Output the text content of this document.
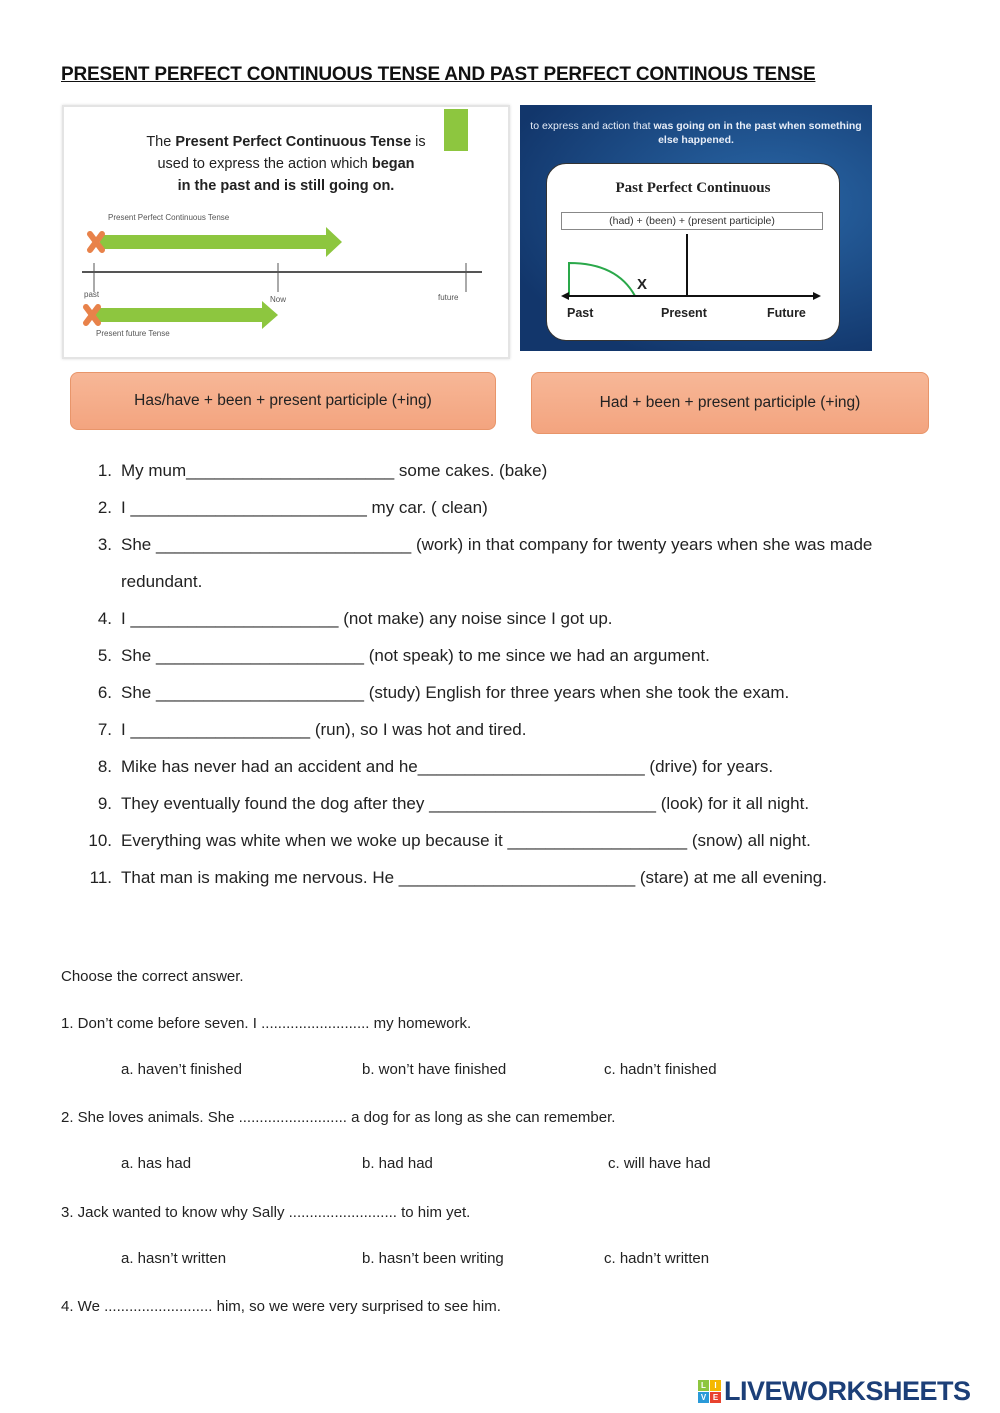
PRESENT PERFECT CONTINUOUS TENSE AND PAST PERFECT CONTINOUS TENSE
The Present Perfect Continuous Tense is
used to express the action which began
in the past and is still going on.
Present Perfect Continuous Tense
past
Now	future
Present future Tense
to express and action that was going on in the past when something else happened.
Past Perfect Continuous
(had) + (been) + (present participle)
X
Past	Present	Future
Has/have + been + present participle (+ing)	Had + been + present participle (+ing)
1. My mum______________________ some cakes. (bake)
2. I _________________________ my car. ( clean)
3. She ___________________________ (work) in that company for twenty years when she was made
redundant.
4. I ______________________ (not make) any noise since I got up.
5. She ______________________ (not speak) to me since we had an argument.
6. She ______________________ (study) English for three years when she took the exam.
7. I ___________________ (run), so I was hot and tired.
8. Mike has never had an accident and he________________________ (drive) for years.
9. They eventually found the dog after they ________________________ (look) for it all night.
10. Everything was white when we woke up because it ___________________ (snow) all night.
11. That man is making me nervous. He _________________________ (stare) at me all evening.
Choose the correct answer.
1. Don’t come before seven. I .......................... my homework.
a. haven’t finished	b. won’t have finished	c. hadn’t finished
2. She loves animals. She .......................... a dog for as long as she can remember.
a. has had	b. had had	c. will have had
3. Jack wanted to know why Sally .......................... to him yet.
a. hasn’t written	b. hasn’t been writing	c. hadn’t written
4. We .......................... him, so we were very surprised to see him.
L	I
V E LIVEWORKSHEETS
